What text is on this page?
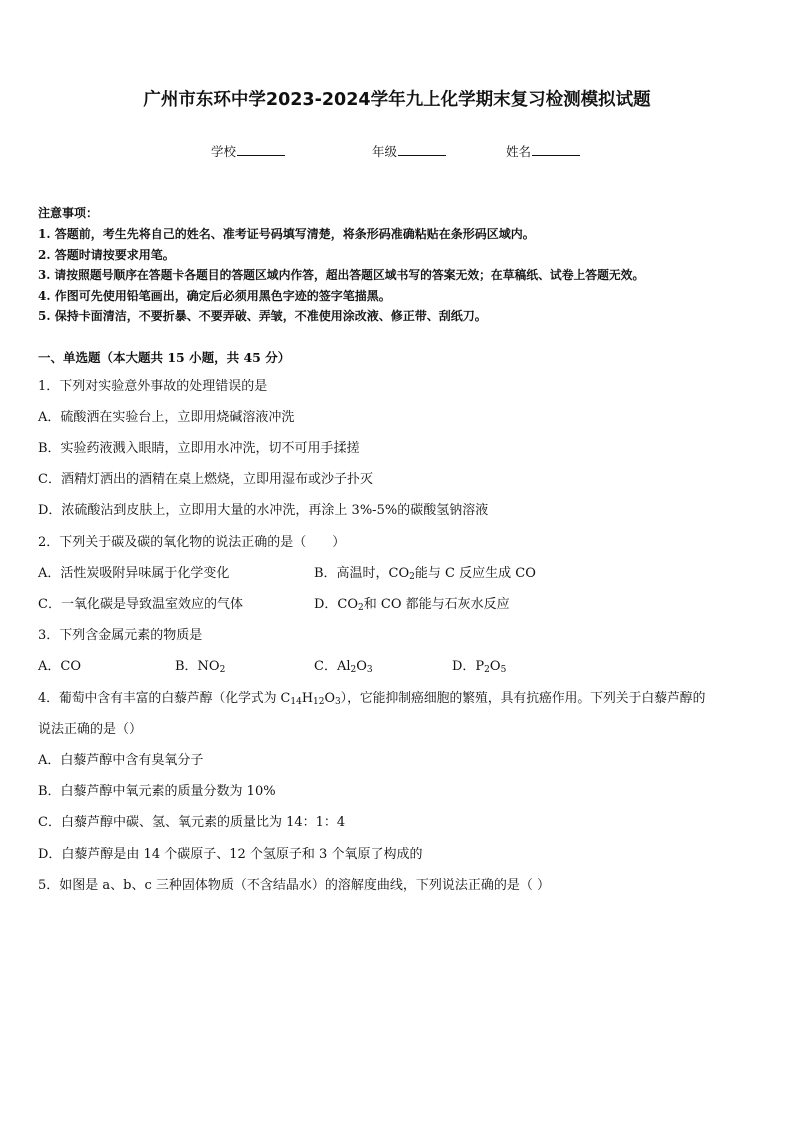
广州市东环中学2023-2024学年九上化学期末复习检测模拟试题
学校	年级	姓名
注意事项：
1. 答题前，考生先将自己的姓名、准考证号码填写清楚，将条形码准确粘贴在条形码区域内。
2. 答题时请按要求用笔。
3. 请按照题号顺序在答题卡各题目的答题区域内作答，超出答题区域书写的答案无效；在草稿纸、试卷上答题无效。
4. 作图可先使用铅笔画出，确定后必须用黑色字迹的签字笔描黑。
5. 保持卡面清洁，不要折暴、不要弄破、弄皱，不准使用涂改液、修正带、刮纸刀。
一、单选题（本大题共 15 小题，共 45 分）
1．下列对实验意外事故的处理错误的是
A．硫酸洒在实验台上，立即用烧碱溶液冲洗
B．实验药液溅入眼睛，立即用水冲洗，切不可用手揉搓
C．酒精灯洒出的酒精在桌上燃烧，立即用湿布或沙子扑灭
D．浓硫酸沾到皮肤上，立即用大量的水冲洗，再涂上 3%-5%的碳酸氢钠溶液
2．下列关于碳及碳的氧化物的说法正确的是（　　）
A．活性炭吸附异味属于化学变化	B．高温时，$CO_2$能与 C 反应生成 CO
C．一氧化碳是导致温室效应的气体	D．$CO_2$和 CO 都能与石灰水反应
3．下列含金属元素的物质是
A．CO	B．$NO_2$	C．$Al_2O_3$	D．$P_2O_5$
4．葡萄中含有丰富的白藜芦醇（化学式为 $C_{14}H_{12}O_3$），它能抑制癌细胞的繁殖，具有抗癌作用。下列关于白藜芦醇的
说法正确的是（）
A．白藜芦醇中含有臭氧分子
B．白藜芦醇中氧元素的质量分数为 10%
C．白藜芦醇中碳、氢、氧元素的质量比为 14：1：4
D．白藜芦醇是由 14 个碳原子、12 个氢原子和 3 个氧原了构成的
5．如图是 a、b、c 三种固体物质（不含结晶水）的溶解度曲线，下列说法正确的是（ ）
